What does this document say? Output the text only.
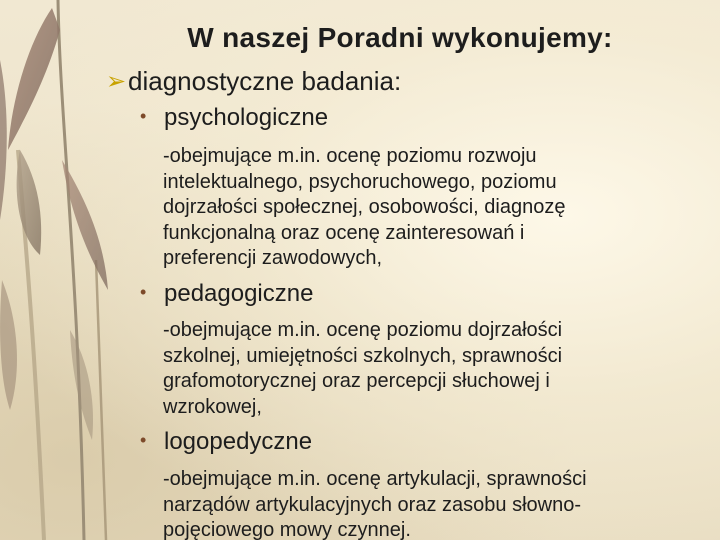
W naszej Poradni wykonujemy:
➢diagnostyczne badania:
• psychologiczne
-obejmujące m.in. ocenę poziomu rozwoju
intelektualnego, psychoruchowego, poziomu
dojrzałości społecznej, osobowości, diagnozę
funkcjonalną oraz ocenę zainteresowań i
preferencji zawodowych,
• pedagogiczne
-obejmujące m.in. ocenę poziomu dojrzałości
szkolnej, umiejętności szkolnych, sprawności
grafomotorycznej oraz percepcji słuchowej i
wzrokowej,
• logopedyczne
-obejmujące m.in. ocenę artykulacji, sprawności
narządów artykulacyjnych oraz zasobu słowno-
pojęciowego mowy czynnej.
